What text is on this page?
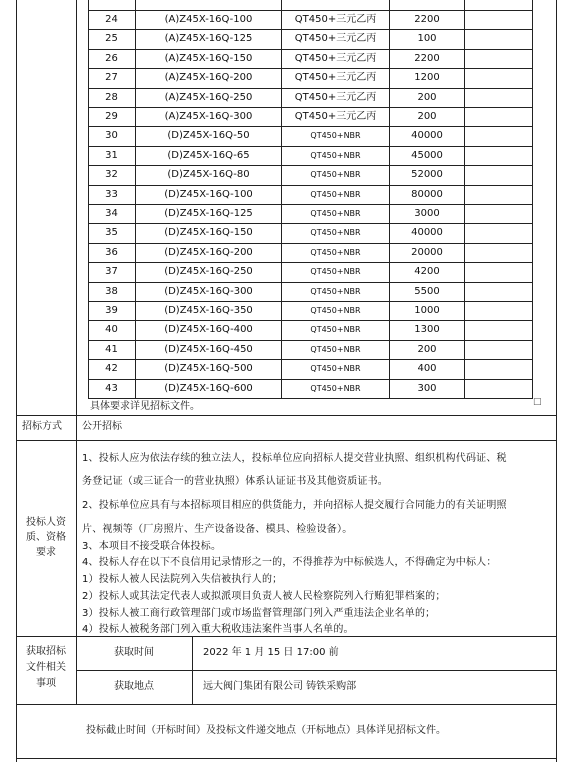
□
24	(A)Z45X-16Q-100	QT450+三元乙丙	2200
25	(A)Z45X-16Q-125	QT450+三元乙丙	100
26	(A)Z45X-16Q-150	QT450+三元乙丙	2200
27	(A)Z45X-16Q-200	QT450+三元乙丙	1200
28	(A)Z45X-16Q-250	QT450+三元乙丙	200
29	(A)Z45X-16Q-300	QT450+三元乙丙	200
30	(D)Z45X-16Q-50	QT450+NBR	40000
31	(D)Z45X-16Q-65	QT450+NBR	45000
32	(D)Z45X-16Q-80	QT450+NBR	52000
33	(D)Z45X-16Q-100	QT450+NBR	80000
34	(D)Z45X-16Q-125	QT450+NBR	3000
35	(D)Z45X-16Q-150	QT450+NBR	40000
36	(D)Z45X-16Q-200	QT450+NBR	20000
37	(D)Z45X-16Q-250	QT450+NBR	4200
38	(D)Z45X-16Q-300	QT450+NBR	5500
39	(D)Z45X-16Q-350	QT450+NBR	1000
40	(D)Z45X-16Q-400	QT450+NBR	1300
41	(D)Z45X-16Q-450	QT450+NBR	200
42	(D)Z45X-16Q-500	QT450+NBR	400
43	(D)Z45X-16Q-600	QT450+NBR	300
具体要求详见招标文件。
招标方式 公开招标
投标人资
质、资格
要求
1、投标人应为依法存续的独立法人，投标单位应向招标人提交营业执照、组织机构代码证、税
务登记证（或三证合一的营业执照）体系认证证书及其他资质证书。
2、投标单位应具有与本招标项目相应的供货能力，并向招标人提交履行合同能力的有关证明照
片、视频等（厂房照片、生产设备设备、模具、检验设备）。
3、本项目不接受联合体投标。
4、投标人存在以下不良信用记录情形之一的，不得推荐为中标候选人，不得确定为中标人：
1）投标人被人民法院列入失信被执行人的；
2）投标人或其法定代表人或拟派项目负责人被人民检察院列入行贿犯罪档案的；
3）投标人被工商行政管理部门或市场监督管理部门列入严重违法企业名单的；
4）投标人被税务部门列入重大税收违法案件当事人名单的。
获取招标
文件相关
事项
获取时间	2022 年 1 月 15 日 17:00 前
获取地点	远大阀门集团有限公司 铸铁采购部
投标截止时间（开标时间）及投标文件递交地点（开标地点）具体详见招标文件。
